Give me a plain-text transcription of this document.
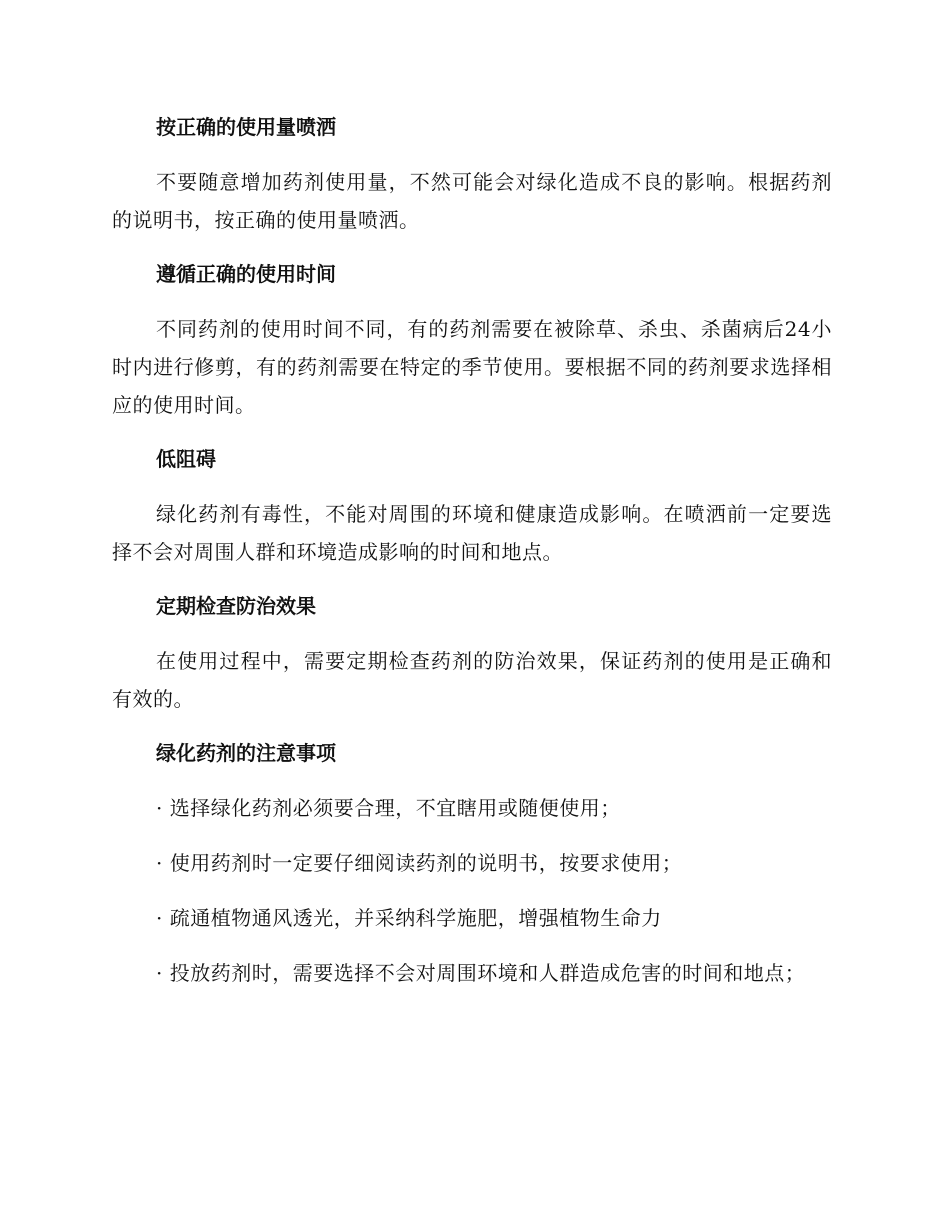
按正确的使用量喷洒

不要随意增加药剂使用量，不然可能会对绿化造成不良的影响。根据药剂的说明书，按正确的使用量喷洒。

遵循正确的使用时间

不同药剂的使用时间不同，有的药剂需要在被除草、杀虫、杀菌病后24小时内进行修剪，有的药剂需要在特定的季节使用。要根据不同的药剂要求选择相应的使用时间。

低阻碍

绿化药剂有毒性，不能对周围的环境和健康造成影响。在喷洒前一定要选择不会对周围人群和环境造成影响的时间和地点。

定期检查防治效果

在使用过程中，需要定期检查药剂的防治效果，保证药剂的使用是正确和有效的。

绿化药剂的注意事项

· 选择绿化药剂必须要合理，不宜瞎用或随便使用；

· 使用药剂时一定要仔细阅读药剂的说明书，按要求使用；

· 疏通植物通风透光，并采纳科学施肥，增强植物生命力

· 投放药剂时，需要选择不会对周围环境和人群造成危害的时间和地点；
